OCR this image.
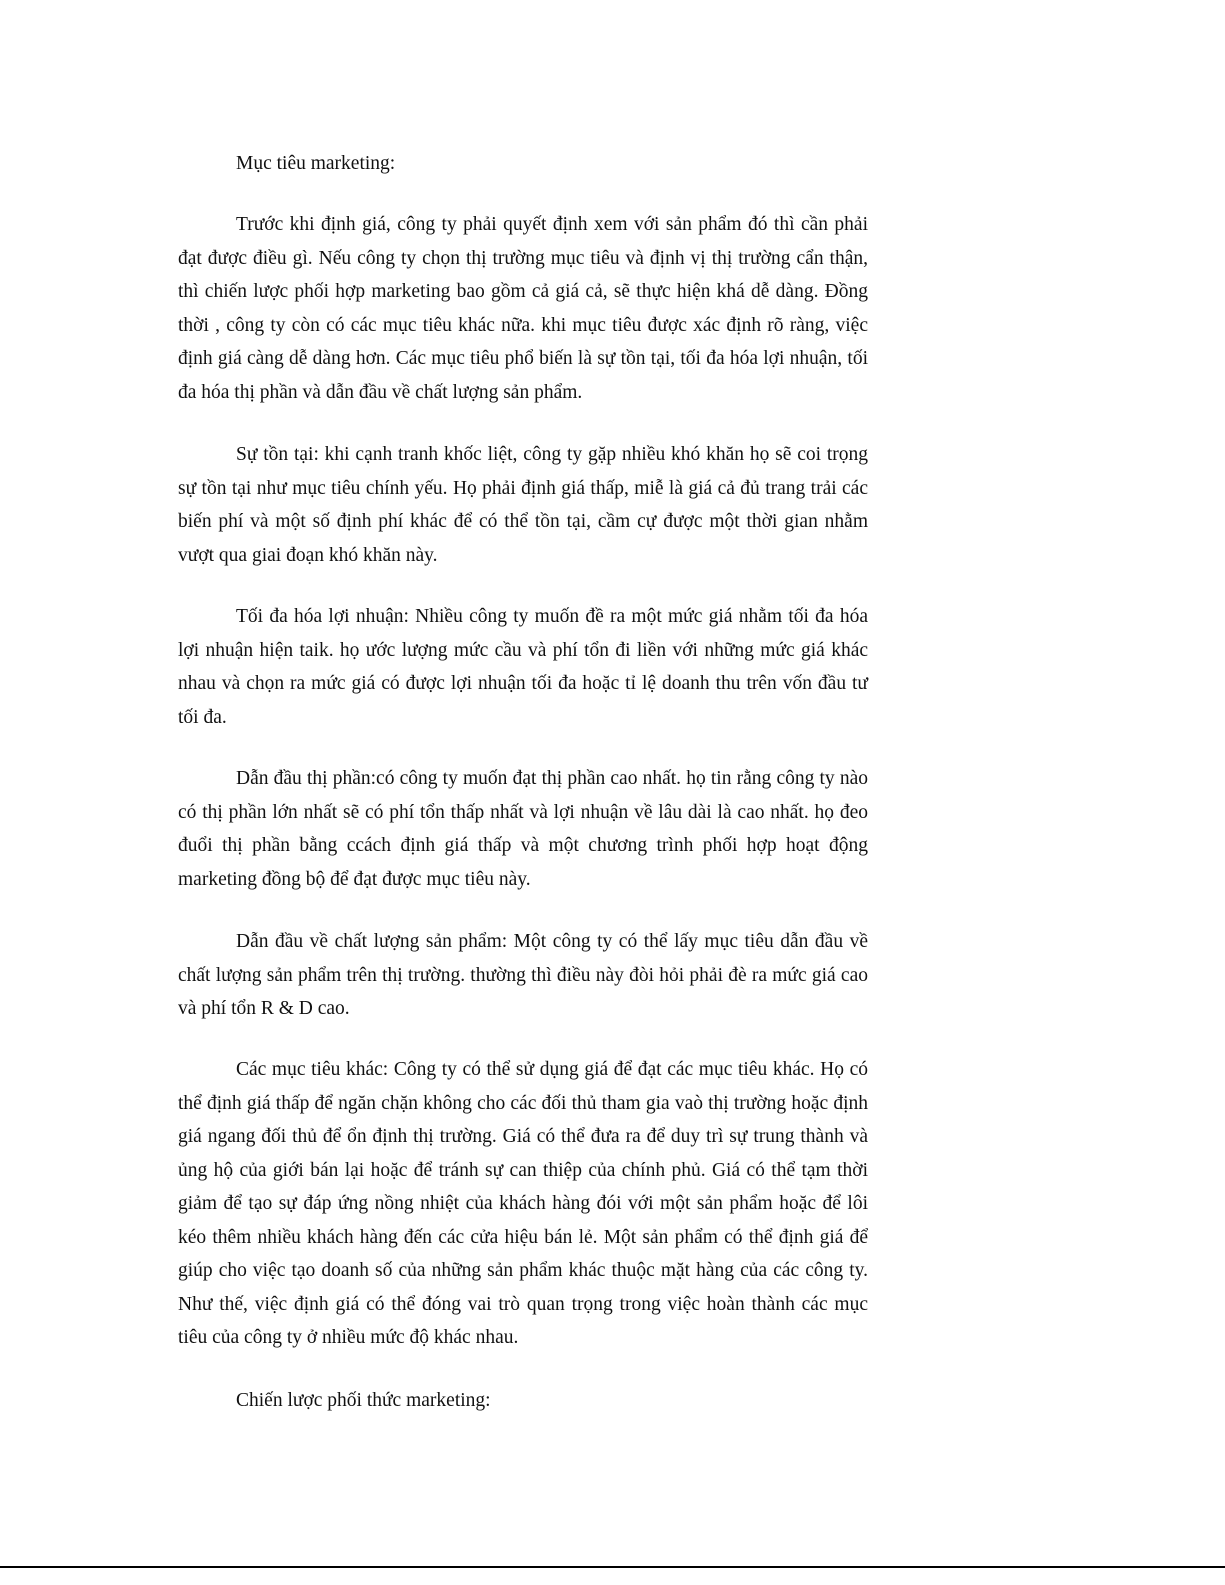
Mục tiêu marketing:

Trước khi định giá, công ty phải quyết định xem với sản phẩm đó thì cần phải đạt được điều gì. Nếu công ty chọn thị trường mục tiêu và định vị thị trường cẩn thận, thì chiến lược phối hợp marketing bao gồm cả giá cả, sẽ thực hiện khá dễ dàng. Đồng thời , công ty còn có các mục tiêu khác nữa. khi mục tiêu được xác định rõ ràng, việc định giá càng dễ dàng hơn. Các mục tiêu phổ biến là sự tồn tại, tối đa hóa lợi nhuận, tối đa hóa thị phần và dẫn đầu về chất lượng sản phẩm.

Sự tồn tại: khi cạnh tranh khốc liệt, công ty gặp nhiều khó khăn họ sẽ coi trọng sự tồn tại như mục tiêu chính yếu. Họ phải định giá thấp, miễ là giá cả đủ trang trải các biến phí và một số định phí khác để có thể tồn tại, cầm cự được một thời gian nhằm vượt qua giai đoạn khó khăn này.

Tối đa hóa lợi nhuận: Nhiều công ty muốn đề ra một mức giá nhằm tối đa hóa lợi nhuận hiện taik. họ ước lượng mức cầu và phí tổn đi liền với những mức giá khác nhau và chọn ra mức giá có được lợi nhuận tối đa hoặc tỉ lệ doanh thu trên vốn đầu tư tối đa.

Dẫn đầu thị phần:có công ty muốn đạt thị phần cao nhất. họ tin rằng công ty nào có thị phần lớn nhất sẽ có phí tổn thấp nhất và lợi nhuận về lâu dài là cao nhất. họ đeo đuổi thị phần bằng ccách định giá thấp và một chương trình phối hợp hoạt động marketing đồng bộ để đạt được mục tiêu này.

Dẫn đầu về chất lượng sản phẩm: Một công ty có thể lấy mục tiêu dẫn đầu về chất lượng sản phẩm trên thị trường. thường thì điều này đòi hỏi phải đè ra mức giá cao và phí tổn R & D cao.

Các mục tiêu khác: Công ty có thể sử dụng giá để đạt các mục tiêu khác. Họ có thể định giá thấp để ngăn chặn không cho các đối thủ tham gia vaò thị trường hoặc định giá ngang đối thủ để ổn định thị trường. Giá có thể đưa ra để duy trì sự trung thành và ủng hộ của giới bán lại hoặc để tránh sự can thiệp của chính phủ. Giá có thể tạm thời giảm để tạo sự đáp ứng nồng nhiệt của khách hàng đói với một sản phẩm hoặc để lôi kéo thêm nhiều khách hàng đến các cửa hiệu bán lẻ. Một sản phẩm có thể định giá để giúp cho việc tạo doanh số của những sản phẩm khác thuộc mặt hàng của các công ty. Như thế, việc định giá có thể đóng vai trò quan trọng trong việc hoàn thành các mục tiêu của công ty ở nhiều mức độ khác nhau.

Chiến lược phối thức marketing:
